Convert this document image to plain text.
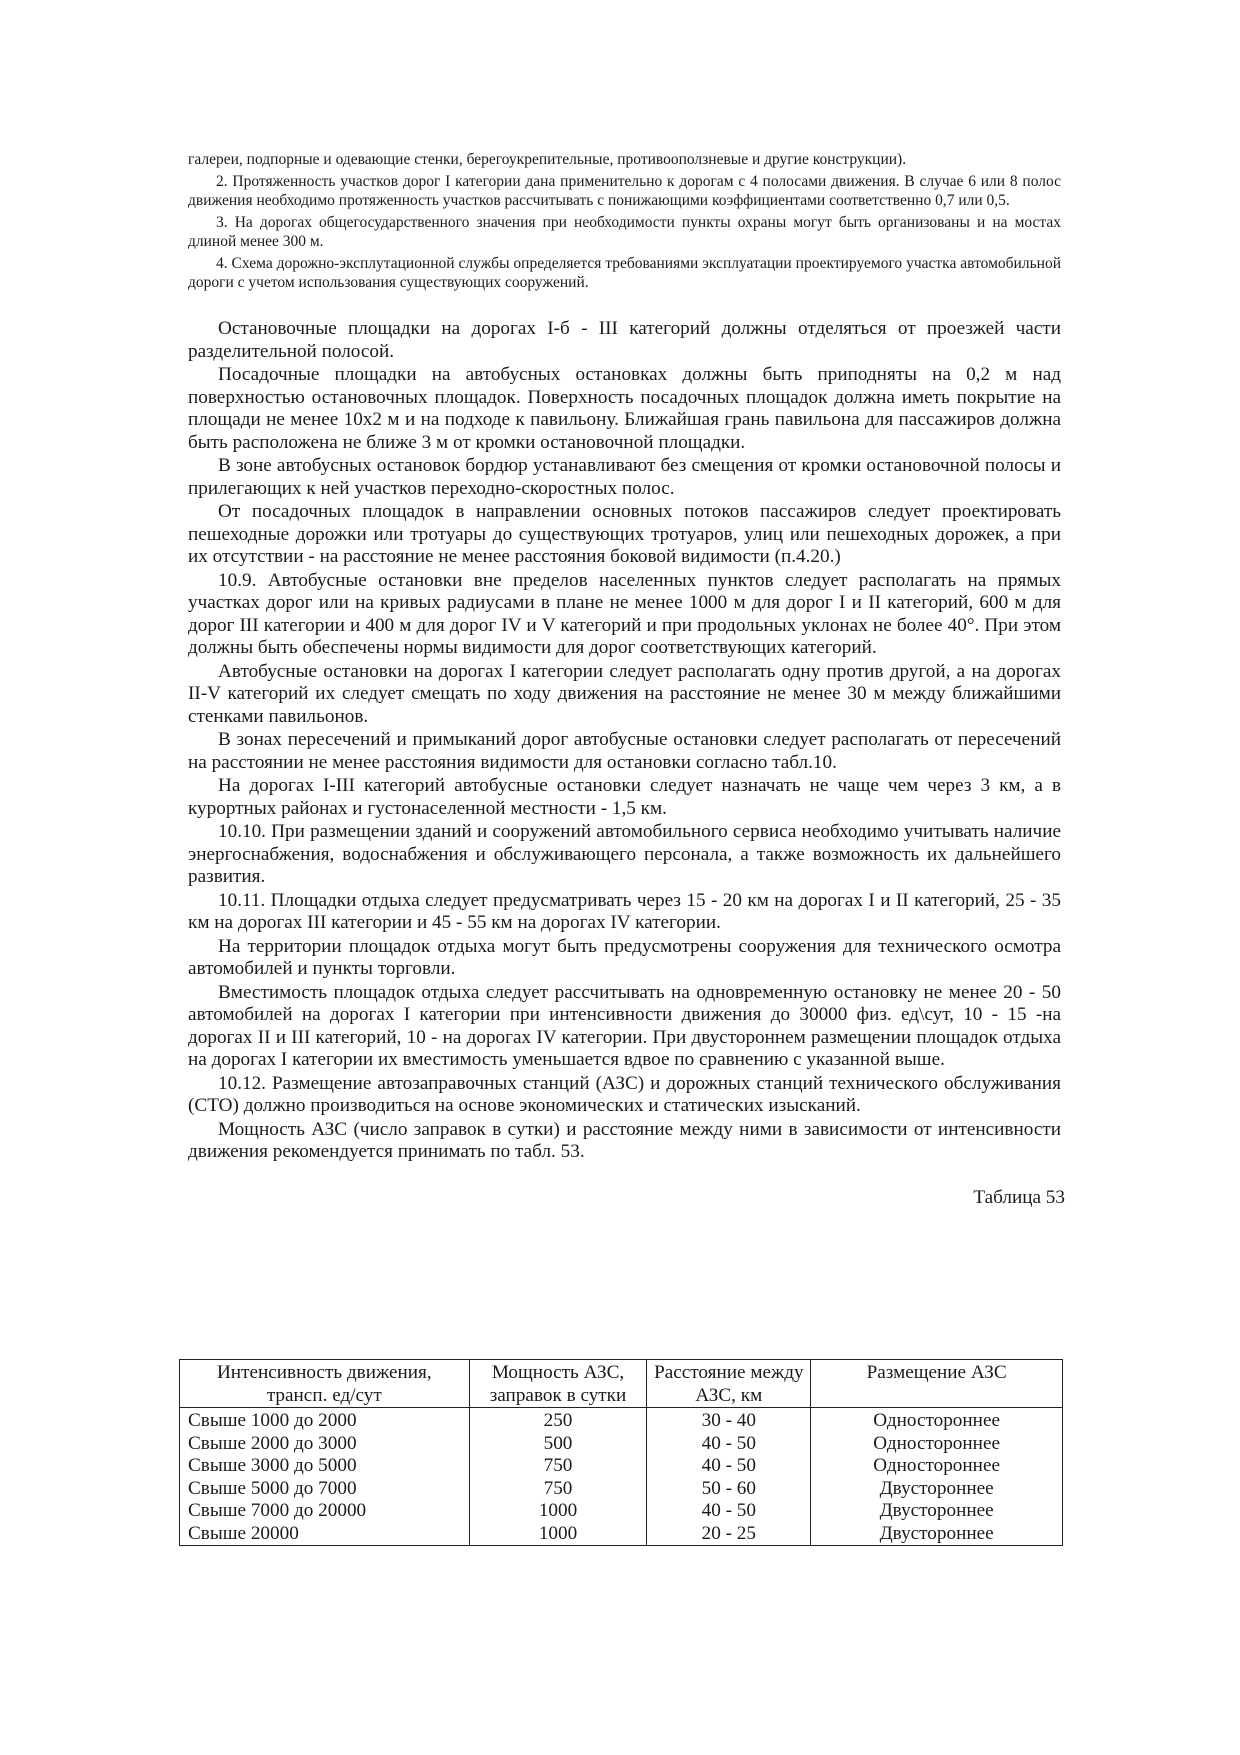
галереи, подпорные и одевающие стенки, берегоукрепительные, противооползневые и другие конструкции).

2. Протяженность участков дорог I категории дана применительно к дорогам с 4 полосами движения. В случае 6 или 8 полос движения необходимо протяженность участков рассчитывать с понижающими коэффициентами соответственно 0,7 или 0,5.

3. На дорогах общегосударственного значения при необходимости пункты охраны могут быть организованы и на мостах длиной менее 300 м.

4. Схема дорожно-эксплутационной службы определяется требованиями эксплуатации проектируемого участка автомобильной дороги с учетом использования существующих сооружений.

Остановочные площадки на дорогах I-б - III категорий должны отделяться от проезжей части разделительной полосой.

Посадочные площадки на автобусных остановках должны быть приподняты на 0,2 м над поверхностью остановочных площадок. Поверхность посадочных площадок должна иметь покрытие на площади не менее 10х2 м и на подходе к павильону. Ближайшая грань павильона для пассажиров должна быть расположена не ближе 3 м от кромки остановочной площадки.

В зоне автобусных остановок бордюр устанавливают без смещения от кромки остановочной полосы и прилегающих к ней участков переходно-скоростных полос.

От посадочных площадок в направлении основных потоков пассажиров следует проектировать пешеходные дорожки или тротуары до существующих тротуаров, улиц или пешеходных дорожек, а при их отсутствии - на расстояние не менее расстояния боковой видимости (п.4.20.)

10.9. Автобусные остановки вне пределов населенных пунктов следует располагать на прямых участках дорог или на кривых радиусами в плане не менее 1000 м для дорог I и II категорий, 600 м для дорог III категории и 400 м для дорог IV и V категорий и при продольных уклонах не более 40°. При этом должны быть обеспечены нормы видимости для дорог соответствующих категорий.

Автобусные остановки на дорогах I категории следует располагать одну против другой, а на дорогах II-V категорий их следует смещать по ходу движения на расстояние не менее 30 м между ближайшими стенками павильонов.

В зонах пересечений и примыканий дорог автобусные остановки следует располагать от пересечений на расстоянии не менее расстояния видимости для остановки согласно табл.10.

На дорогах I-III категорий автобусные остановки следует назначать не чаще чем через 3 км, а в курортных районах и густонаселенной местности - 1,5 км.

10.10. При размещении зданий и сооружений автомобильного сервиса необходимо учитывать наличие энергоснабжения, водоснабжения и обслуживающего персонала, а также возможность их дальнейшего развития.

10.11. Площадки отдыха следует предусматривать через 15 - 20 км на дорогах I и II категорий, 25 - 35 км на дорогах III категории и 45 - 55 км на дорогах IV категории.

На территории площадок отдыха могут быть предусмотрены сооружения для технического осмотра автомобилей и пункты торговли.

Вместимость площадок отдыха следует рассчитывать на одновременную остановку не менее 20 - 50 автомобилей на дорогах I категории при интенсивности движения до 30000 физ. ед\сут, 10 - 15 -на дорогах II и III категорий, 10 - на дорогах IV категории. При двустороннем размещении площадок отдыха на дорогах I категории их вместимость уменьшается вдвое по сравнению с указанной выше.

10.12. Размещение автозаправочных станций (АЗС) и дорожных станций технического обслуживания (СТО) должно производиться на основе экономических и статических изысканий.

Мощность АЗС (число заправок в сутки) и расстояние между ними в зависимости от интенсивности движения рекомендуется принимать по табл. 53.

Таблица 53
Интенсивность движения, трансп. ед/сут	Мощность АЗС, заправок в сутки	Расстояние между АЗС, км	Размещение АЗС
Свыше 1000 до 2000	250	30 - 40	Одностороннее
Свыше 2000 до 3000	500	40 - 50	Одностороннее
Свыше 3000 до 5000	750	40 - 50	Одностороннее
Свыше 5000 до 7000	750	50 - 60	Двустороннее
Свыше 7000 до 20000	1000	40 - 50	Двустороннее
Свыше 20000	1000	20 - 25	Двустороннее
